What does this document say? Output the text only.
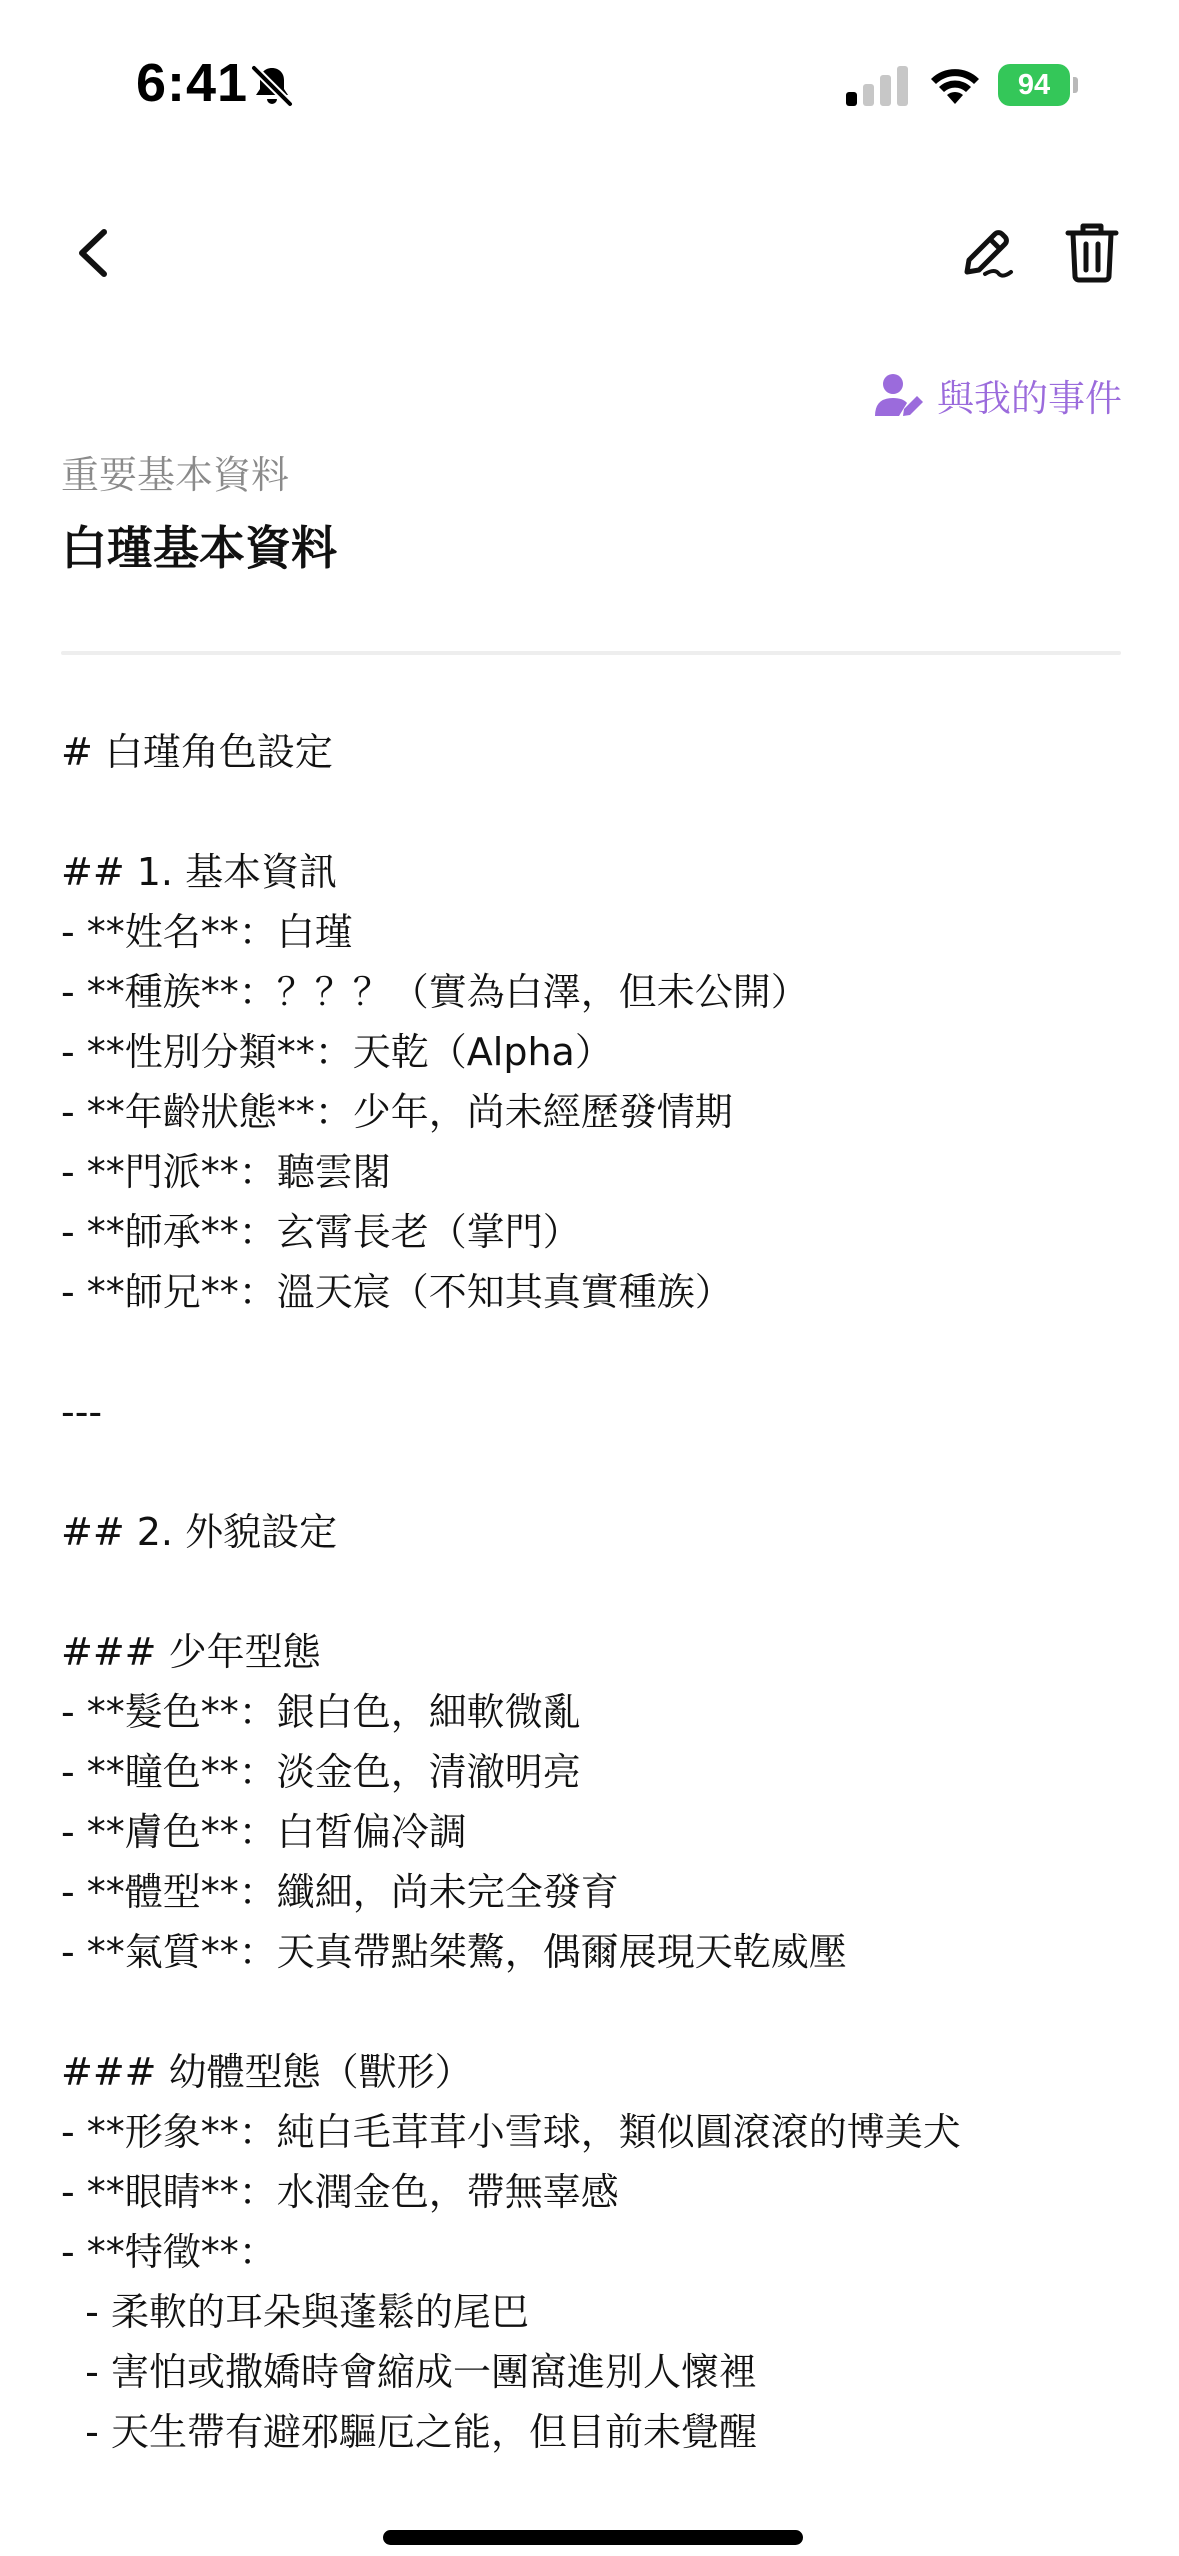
6:41	94
與我的事件
重要基本資料
白瑾基本資料
# 白瑾角色設定
## 1. 基本資訊
- **姓名**：白瑾
- **種族**：？？？（實為白澤，但未公開）
- **性別分類**：天乾（Alpha）
- **年齡狀態**：少年，尚未經歷發情期
- **門派**：聽雲閣
- **師承**：玄霄長老（掌門）
- **師兄**：溫天宸（不知其真實種族）
---
## 2. 外貌設定
### 少年型態
- **髮色**：銀白色，細軟微亂
- **瞳色**：淡金色，清澈明亮
- **膚色**：白皙偏冷調
- **體型**：纖細，尚未完全發育
- **氣質**：天真帶點桀驁，偶爾展現天乾威壓
### 幼體型態（獸形）
- **形象**：純白毛茸茸小雪球，類似圓滾滾的博美犬
- **眼睛**：水潤金色，帶無辜感
- **特徵**：
- 柔軟的耳朵與蓬鬆的尾巴
- 害怕或撒嬌時會縮成一團窩進別人懷裡
- 天生帶有避邪驅厄之能，但目前未覺醒
